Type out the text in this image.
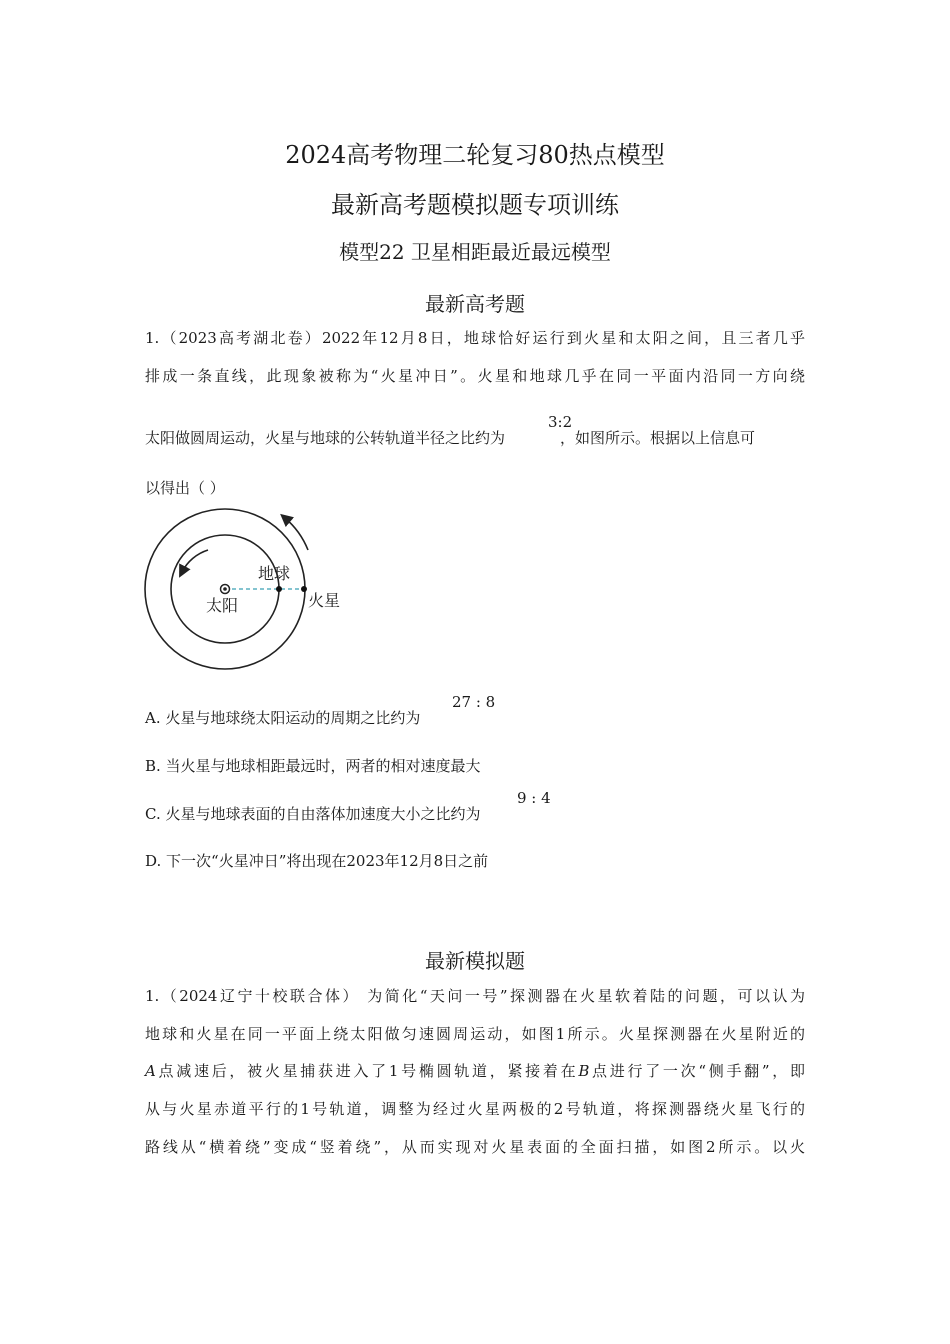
2024高考物理二轮复习80热点模型
最新高考题模拟题专项训练
模型22 卫星相距最近最远模型
最新高考题
1.（2023高考湖北卷）2022年12月8日，地球恰好运行到火星和太阳之间，且三者几乎
排成一条直线，此现象被称为“火星冲日”。火星和地球几乎在同一平面内沿同一方向绕
太阳做圆周运动，火星与地球的公转轨道半径之比约为	，如图所示。根据以上信息可
3:2
以得出（ ）
地球
太阳	火星
A. 火星与地球绕太阳运动的周期之比约为
27 : 8
B. 当火星与地球相距最远时，两者的相对速度最大
C. 火星与地球表面的自由落体加速度大小之比约为
9 : 4
D. 下一次“火星冲日”将出现在2023年12月8日之前
最新模拟题
1.（2024辽宁十校联合体） 为简化“天问一号”探测器在火星软着陆的问题，可以认为
地球和火星在同一平面上绕太阳做匀速圆周运动，如图1所示。火星探测器在火星附近的
A点减速后，被火星捕获进入了1号椭圆轨道，紧接着在B点进行了一次“侧手翻”，即
从与火星赤道平行的1号轨道，调整为经过火星两极的2号轨道，将探测器绕火星飞行的
路线从“横着绕”变成“竖着绕”，从而实现对火星表面的全面扫描，如图2所示。以火
